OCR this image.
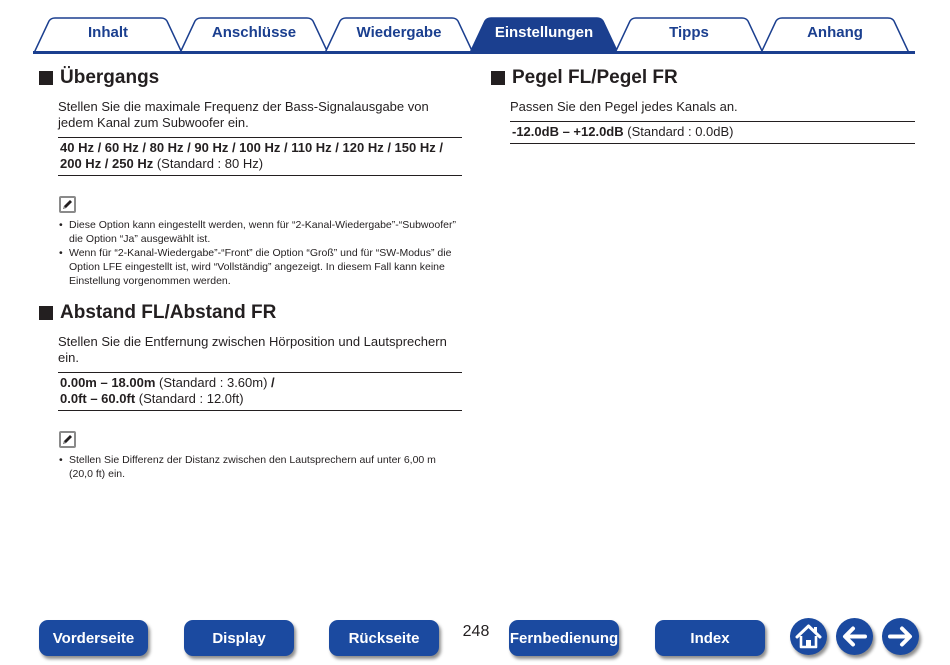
Inhalt	Anschlüsse	Wiedergabe	Einstellungen	Tipps	Anhang
Übergangs
Stellen Sie die maximale Frequenz der Bass-Signalausgabe von jedem Kanal zum Subwoofer ein.
40 Hz / 60 Hz / 80 Hz / 90 Hz / 100 Hz / 110 Hz / 120 Hz / 150 Hz / 200 Hz / 250 Hz (Standard : 80 Hz)
• Diese Option kann eingestellt werden, wenn für “2-Kanal-Wiedergabe”-“Subwoofer” die Option “Ja” ausgewählt ist.
• Wenn für “2-Kanal-Wiedergabe”-“Front” die Option “Groß” und für “SW-Modus” die Option LFE eingestellt ist, wird “Vollständig” angezeigt. In diesem Fall kann keine Einstellung vorgenommen werden.
Abstand FL/Abstand FR
Stellen Sie die Entfernung zwischen Hörposition und Lautsprechern ein.
0.00m – 18.00m (Standard : 3.60m) /
0.0ft – 60.0ft (Standard : 12.0ft)
• Stellen Sie Differenz der Distanz zwischen den Lautsprechern auf unter 6,00 m (20,0 ft) ein.
Pegel FL/Pegel FR
Passen Sie den Pegel jedes Kanals an.
-12.0dB – +12.0dB (Standard : 0.0dB)
Vorderseite	Display	Rückseite	248	Fernbedienung	Index
